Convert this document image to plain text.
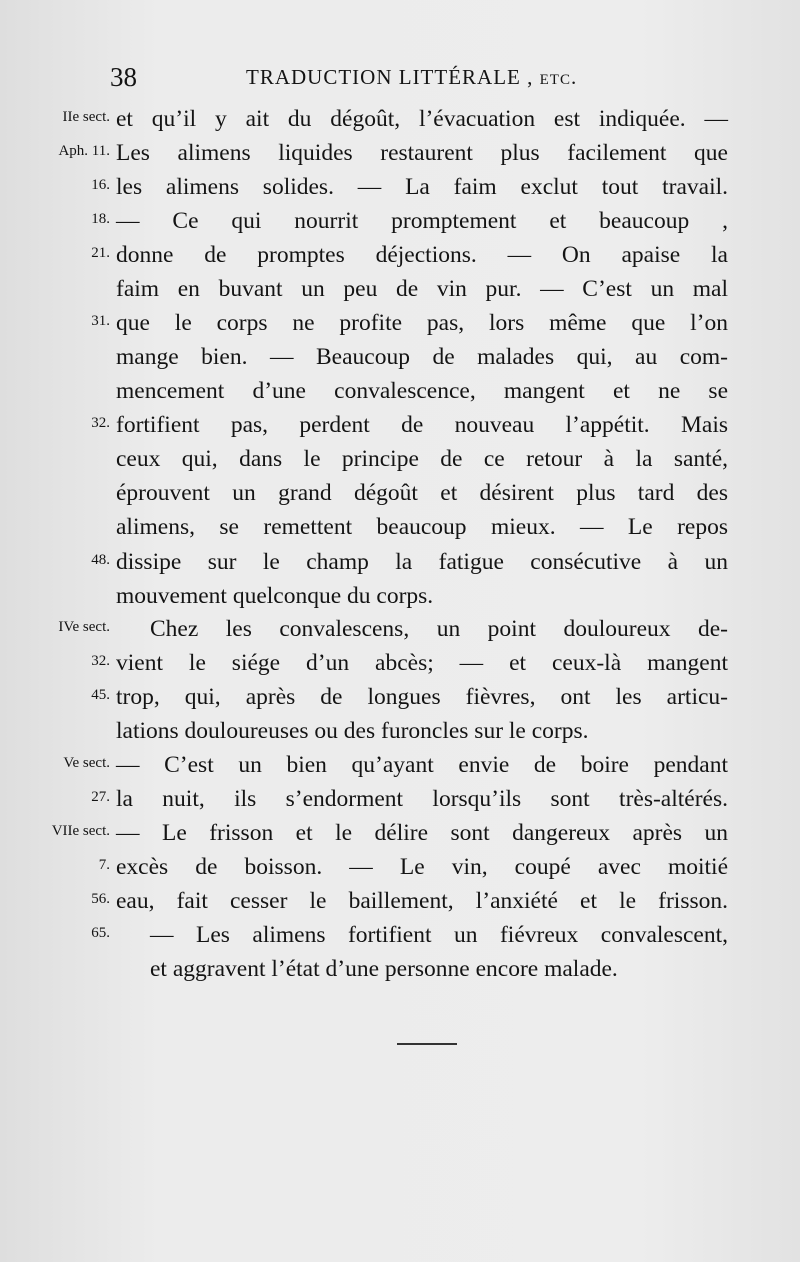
38	TRADUCTION LITTÉRALE , etc.
IIe sect. et qu’il y ait du dégoût, l’évacuation est indiquée. —
Aph. 11. Les alimens liquides restaurent plus facilement que
16. les alimens solides. — La faim exclut tout travail.
18. — Ce qui nourrit promptement et beaucoup ,
21. donne de promptes déjections. — On apaise la
faim en buvant un peu de vin pur. — C’est un mal
31. que le corps ne profite pas, lors même que l’on
mange bien. — Beaucoup de malades qui, au com-
mencement d’une convalescence, mangent et ne se
32. fortifient pas, perdent de nouveau l’appétit. Mais
ceux qui, dans le principe de ce retour à la santé,
éprouvent un grand dégoût et désirent plus tard des
alimens, se remettent beaucoup mieux. — Le repos
48. dissipe sur le champ la fatigue consécutive à un
mouvement quelconque du corps.
IVe sect. Chez les convalescens, un point douloureux de-
32. vient le siége d’un abcès; — et ceux-là mangent
45. trop, qui, après de longues fièvres, ont les articu-
lations douloureuses ou des furoncles sur le corps.
Ve sect. — C’est un bien qu’ayant envie de boire pendant
27. la nuit, ils s’endorment lorsqu’ils sont très-altérés.
VIIe sect. — Le frisson et le délire sont dangereux après un
7. excès de boisson. — Le vin, coupé avec moitié
56. eau, fait cesser le baillement, l’anxiété et le frisson.
65. — Les alimens fortifient un fiévreux convalescent,
et aggravent l’état d’une personne encore malade.
